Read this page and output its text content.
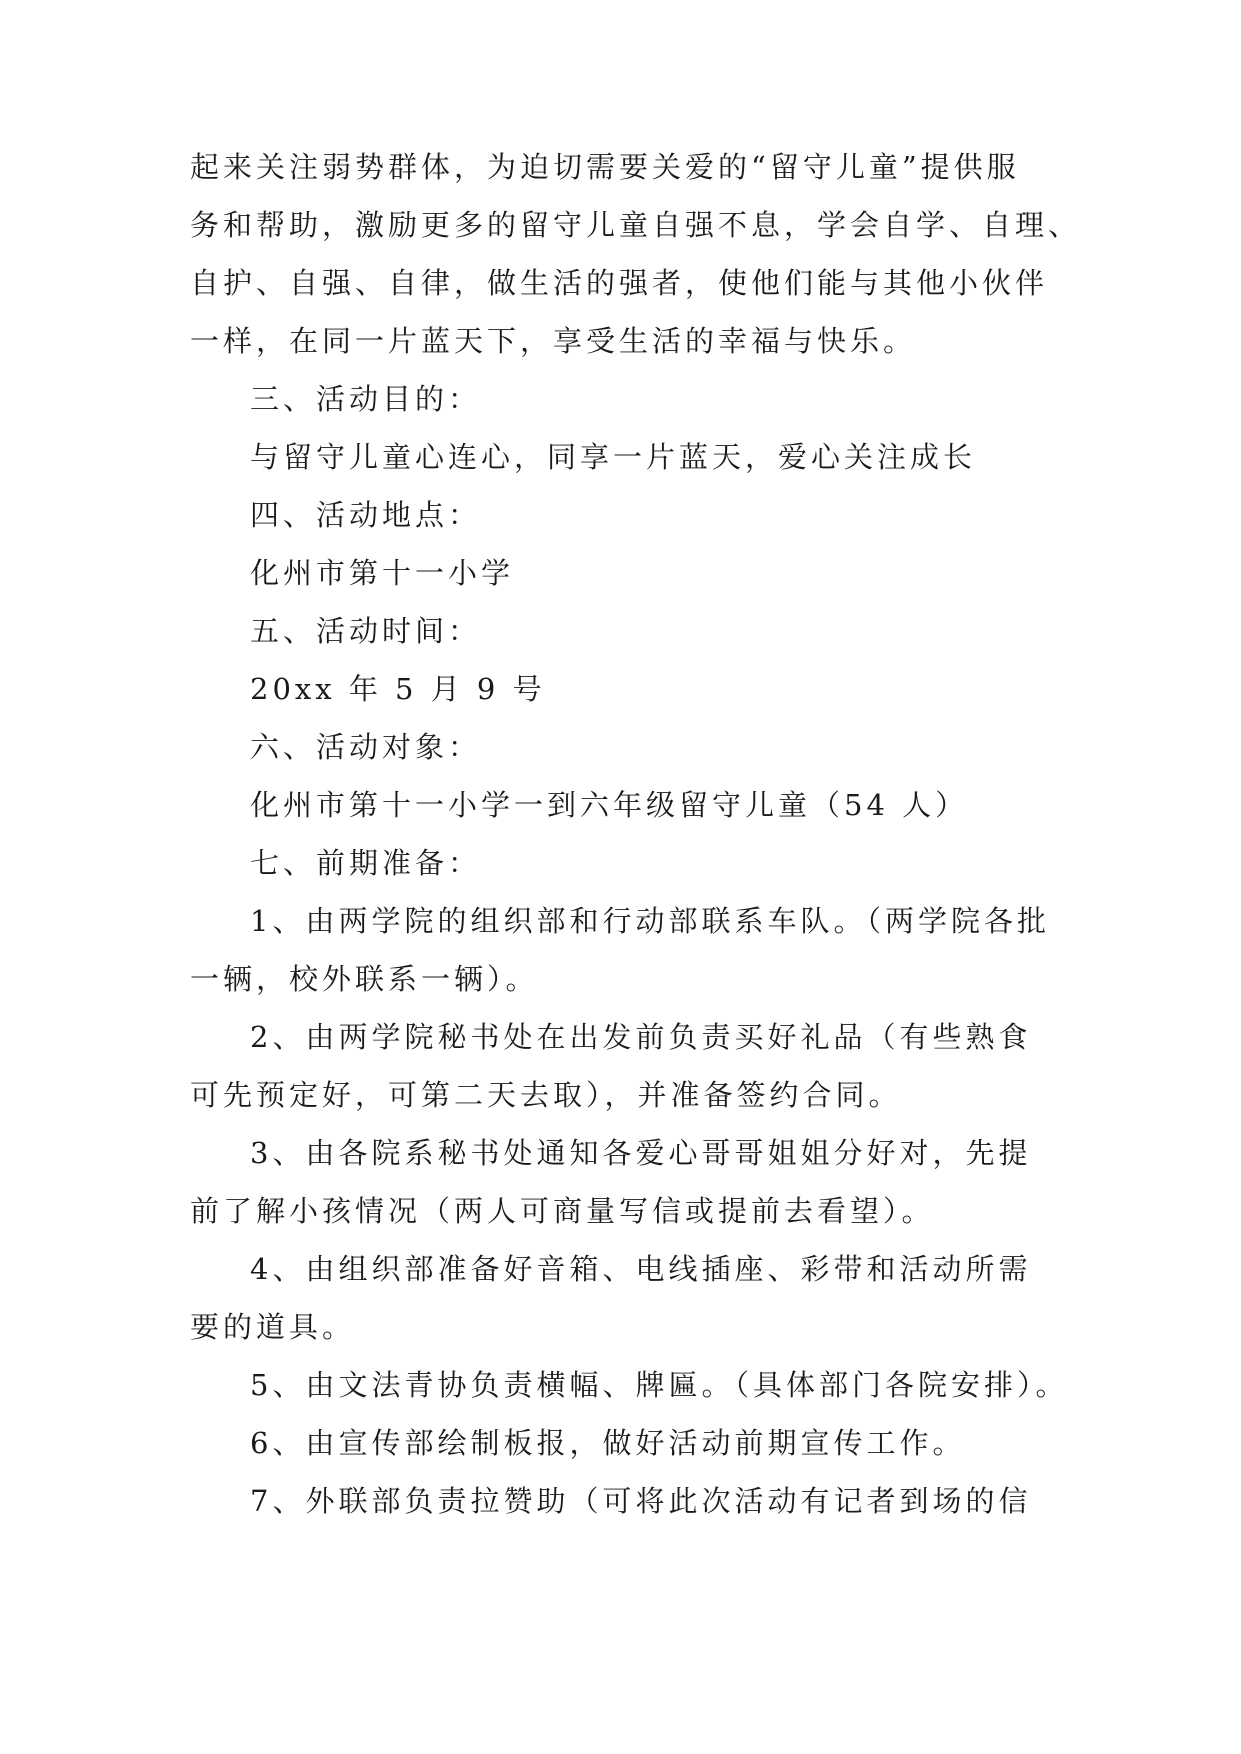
起来关注弱势群体，为迫切需要关爱的“留守儿童”提供服
务和帮助，激励更多的留守儿童自强不息，学会自学、自理、
自护、自强、自律，做生活的强者，使他们能与其他小伙伴
一样，在同一片蓝天下，享受生活的幸福与快乐。
三、活动目的：
与留守儿童心连心，同享一片蓝天，爱心关注成长
四、活动地点：
化州市第十一小学
五、活动时间：
20xx 年 5 月 9 号
六、活动对象：
化州市第十一小学一到六年级留守儿童（54 人）
七、前期准备：
1、由两学院的组织部和行动部联系车队。（两学院各批
一辆，校外联系一辆）。
2、由两学院秘书处在出发前负责买好礼品（有些熟食
可先预定好，可第二天去取），并准备签约合同。
3、由各院系秘书处通知各爱心哥哥姐姐分好对，先提
前了解小孩情况（两人可商量写信或提前去看望）。
4、由组织部准备好音箱、电线插座、彩带和活动所需
要的道具。
5、由文法青协负责横幅、牌匾。（具体部门各院安排）。
6、由宣传部绘制板报，做好活动前期宣传工作。
7、外联部负责拉赞助（可将此次活动有记者到场的信
